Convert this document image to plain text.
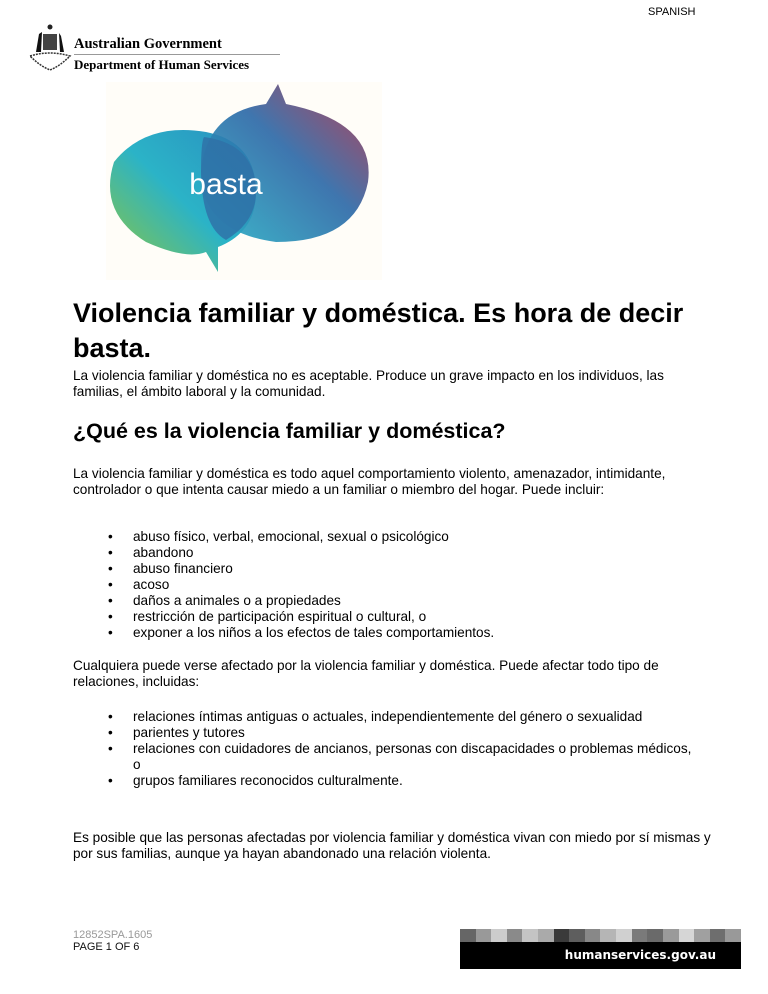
SPANISH
Australian Government
Department of Human Services
basta
Violencia familiar y doméstica. Es hora de decir basta.

La violencia familiar y doméstica no es aceptable. Produce un grave impacto en los individuos, las familias, el ámbito laboral y la comunidad.

¿Qué es la violencia familiar y doméstica?

La violencia familiar y doméstica es todo aquel comportamiento violento, amenazador, intimidante, controlador o que intenta causar miedo a un familiar o miembro del hogar. Puede incluir:

• abuso físico, verbal, emocional, sexual o psicológico
• abandono
• abuso financiero
• acoso
• daños a animales o a propiedades
• restricción de participación espiritual o cultural, o
• exponer a los niños a los efectos de tales comportamientos.

Cualquiera puede verse afectado por la violencia familiar y doméstica. Puede afectar todo tipo de relaciones, incluidas:

• relaciones íntimas antiguas o actuales, independientemente del género o sexualidad
• parientes y tutores
• relaciones con cuidadores de ancianos, personas con discapacidades o problemas médicos, o
• grupos familiares reconocidos culturalmente.

Es posible que las personas afectadas por violencia familiar y doméstica vivan con miedo por sí mismas y por sus familias, aunque ya hayan abandonado una relación violenta.

12852SPA.1605
PAGE 1 OF 6
humanservices.gov.au
